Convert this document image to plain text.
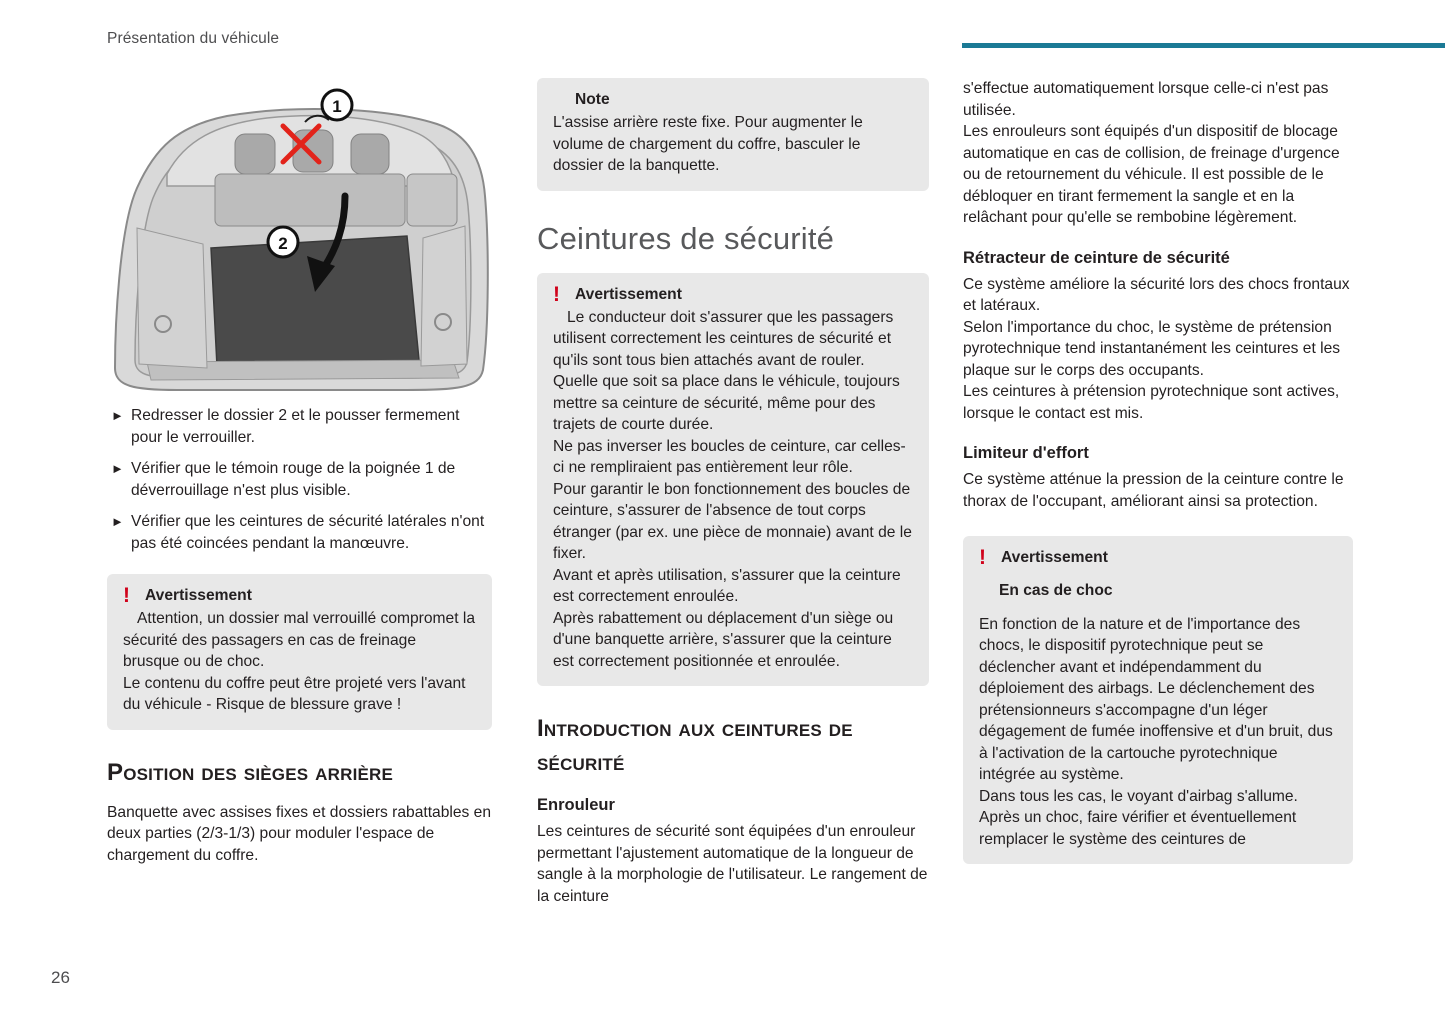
Présentation du véhicule
26
1
2
► Redresser le dossier 2 et le pousser fermement pour le verrouiller.
► Vérifier que le témoin rouge de la poignée 1 de déverrouillage n'est plus visible.
► Vérifier que les ceintures de sécurité latérales n'ont pas été coincées pendant la manœuvre.
! Avertissement

Attention, un dossier mal verrouillé compromet la sécurité des passagers en cas de freinage brusque ou de choc.

Le contenu du coffre peut être projeté vers l'avant du véhicule - Risque de blessure grave !

Position des sièges arrière

Banquette avec assises fixes et dossiers rabattables en deux parties (2/3-1/3) pour moduler l'espace de chargement du coffre.

Note

L'assise arrière reste fixe. Pour augmenter le volume de chargement du coffre, basculer le dossier de la banquette.

Ceintures de sécurité
! Avertissement

Le conducteur doit s'assurer que les passagers utilisent correctement les ceintures de sécurité et qu'ils sont tous bien attachés avant de rouler.

Quelle que soit sa place dans le véhicule, toujours mettre sa ceinture de sécurité, même pour des trajets de courte durée.

Ne pas inverser les boucles de ceinture, car celles-ci ne rempliraient pas entièrement leur rôle.

Pour garantir le bon fonctionnement des boucles de ceinture, s'assurer de l'absence de tout corps étranger (par ex. une pièce de monnaie) avant de le fixer.

Avant et après utilisation, s'assurer que la ceinture est correctement enroulée.

Après rabattement ou déplacement d'un siège ou d'une banquette arrière, s'assurer que la ceinture est correctement positionnée et enroulée.

Introduction aux ceintures de sécurité
Enrouleur

Les ceintures de sécurité sont équipées d'un enrouleur permettant l'ajustement automatique de la longueur de sangle à la morphologie de l'utilisateur. Le rangement de la ceinture

s'effectue automatiquement lorsque celle-ci n'est pas utilisée.

Les enrouleurs sont équipés d'un dispositif de blocage automatique en cas de collision, de freinage d'urgence ou de retournement du véhicule. Il est possible de le débloquer en tirant fermement la sangle et en la relâchant pour qu'elle se rembobine légèrement.

Rétracteur de ceinture de sécurité

Ce système améliore la sécurité lors des chocs frontaux et latéraux.

Selon l'importance du choc, le système de prétension pyrotechnique tend instantanément les ceintures et les plaque sur le corps des occupants.

Les ceintures à prétension pyrotechnique sont actives, lorsque le contact est mis.

Limiteur d'effort

Ce système atténue la pression de la ceinture contre le thorax de l'occupant, améliorant ainsi sa protection.

! Avertissement
En cas de choc

En fonction de la nature et de l'importance des chocs, le dispositif pyrotechnique peut se déclencher avant et indépendamment du déploiement des airbags. Le déclenchement des prétensionneurs s'accompagne d'un léger dégagement de fumée inoffensive et d'un bruit, dus à l'activation de la cartouche pyrotechnique intégrée au système.

Dans tous les cas, le voyant d'airbag s'allume.

Après un choc, faire vérifier et éventuellement remplacer le système des ceintures de
